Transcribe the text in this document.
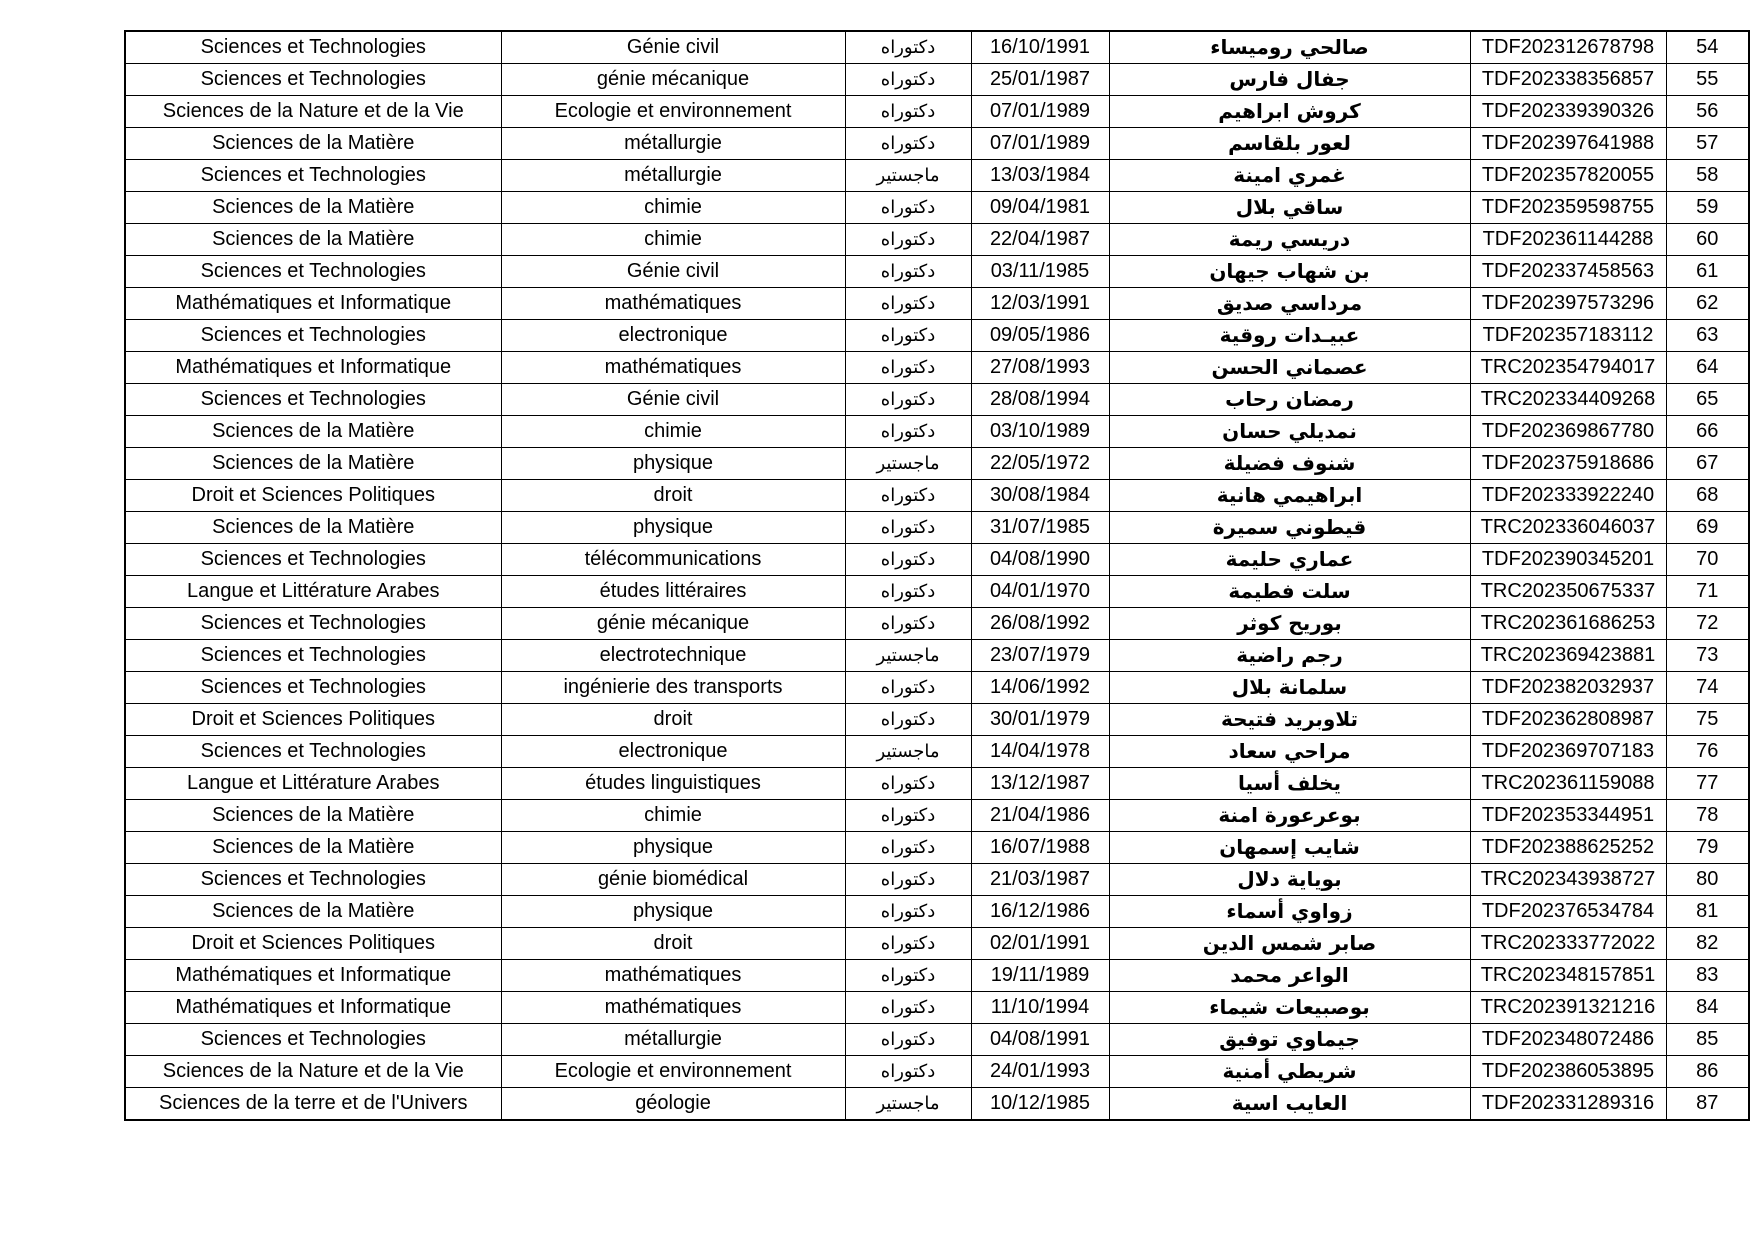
Sciences et Technologies	Génie civil	دكتوراه	16/10/1991	صالحي روميساء	TDF202312678798	54
Sciences et Technologies	génie mécanique	دكتوراه	25/01/1987	جفال فارس	TDF202338356857	55
Sciences de la Nature et de la Vie	Ecologie et environnement	دكتوراه	07/01/1989	كروش ابراهيم	TDF202339390326	56
Sciences de la Matière	métallurgie	دكتوراه	07/01/1989	لعور بلقاسم	TDF202397641988	57
Sciences et Technologies	métallurgie	ماجستير	13/03/1984	غمري امينة	TDF202357820055	58
Sciences de la Matière	chimie	دكتوراه	09/04/1981	ساقي بلال	TDF202359598755	59
Sciences de la Matière	chimie	دكتوراه	22/04/1987	دريسي ريمة	TDF202361144288	60
Sciences et Technologies	Génie civil	دكتوراه	03/11/1985	بن شهاب جيهان	TDF202337458563	61
Mathématiques et Informatique	mathématiques	دكتوراه	12/03/1991	مرداسي صديق	TDF202397573296	62
Sciences et Technologies	electronique	دكتوراه	09/05/1986	عبيـدات روقية	TDF202357183112	63
Mathématiques et Informatique	mathématiques	دكتوراه	27/08/1993	عصماني الحسن	TRC202354794017	64
Sciences et Technologies	Génie civil	دكتوراه	28/08/1994	رمضان رحاب	TRC202334409268	65
Sciences de la Matière	chimie	دكتوراه	03/10/1989	نمديلي حسان	TDF202369867780	66
Sciences de la Matière	physique	ماجستير	22/05/1972	شنوف فضيلة	TDF202375918686	67
Droit et Sciences Politiques	droit	دكتوراه	30/08/1984	ابراهيمي هانية	TDF202333922240	68
Sciences de la Matière	physique	دكتوراه	31/07/1985	قيطوني سميرة	TRC202336046037	69
Sciences et Technologies	télécommunications	دكتوراه	04/08/1990	عماري حليمة	TDF202390345201	70
Langue et Littérature Arabes	études littéraires	دكتوراه	04/01/1970	سلت فطيمة	TRC202350675337	71
Sciences et Technologies	génie mécanique	دكتوراه	26/08/1992	بوريح كوثر	TRC202361686253	72
Sciences et Technologies	electrotechnique	ماجستير	23/07/1979	رجم راضية	TRC202369423881	73
Sciences et Technologies	ingénierie des transports	دكتوراه	14/06/1992	سلمانة بلال	TDF202382032937	74
Droit et Sciences Politiques	droit	دكتوراه	30/01/1979	تلاوبريد فتيحة	TDF202362808987	75
Sciences et Technologies	electronique	ماجستير	14/04/1978	مراحي سعاد	TDF202369707183	76
Langue et Littérature Arabes	études linguistiques	دكتوراه	13/12/1987	يخلف أسيا	TRC202361159088	77
Sciences de la Matière	chimie	دكتوراه	21/04/1986	بوعرعورة امنة	TDF202353344951	78
Sciences de la Matière	physique	دكتوراه	16/07/1988	شايب إسمهان	TDF202388625252	79
Sciences et Technologies	génie biomédical	دكتوراه	21/03/1987	بوياية دلال	TRC202343938727	80
Sciences de la Matière	physique	دكتوراه	16/12/1986	زواوي أسماء	TDF202376534784	81
Droit et Sciences Politiques	droit	دكتوراه	02/01/1991	صابر شمس الدين	TRC202333772022	82
Mathématiques et Informatique	mathématiques	دكتوراه	19/11/1989	الواعر محمد	TRC202348157851	83
Mathématiques et Informatique	mathématiques	دكتوراه	11/10/1994	بوصبيعات شيماء	TRC202391321216	84
Sciences et Technologies	métallurgie	دكتوراه	04/08/1991	جيماوي توفيق	TDF202348072486	85
Sciences de la Nature et de la Vie	Ecologie et environnement	دكتوراه	24/01/1993	شريطي أمنية	TDF202386053895	86
Sciences de la terre et de l'Univers	géologie	ماجستير	10/12/1985	العايب اسية	TDF202331289316	87
